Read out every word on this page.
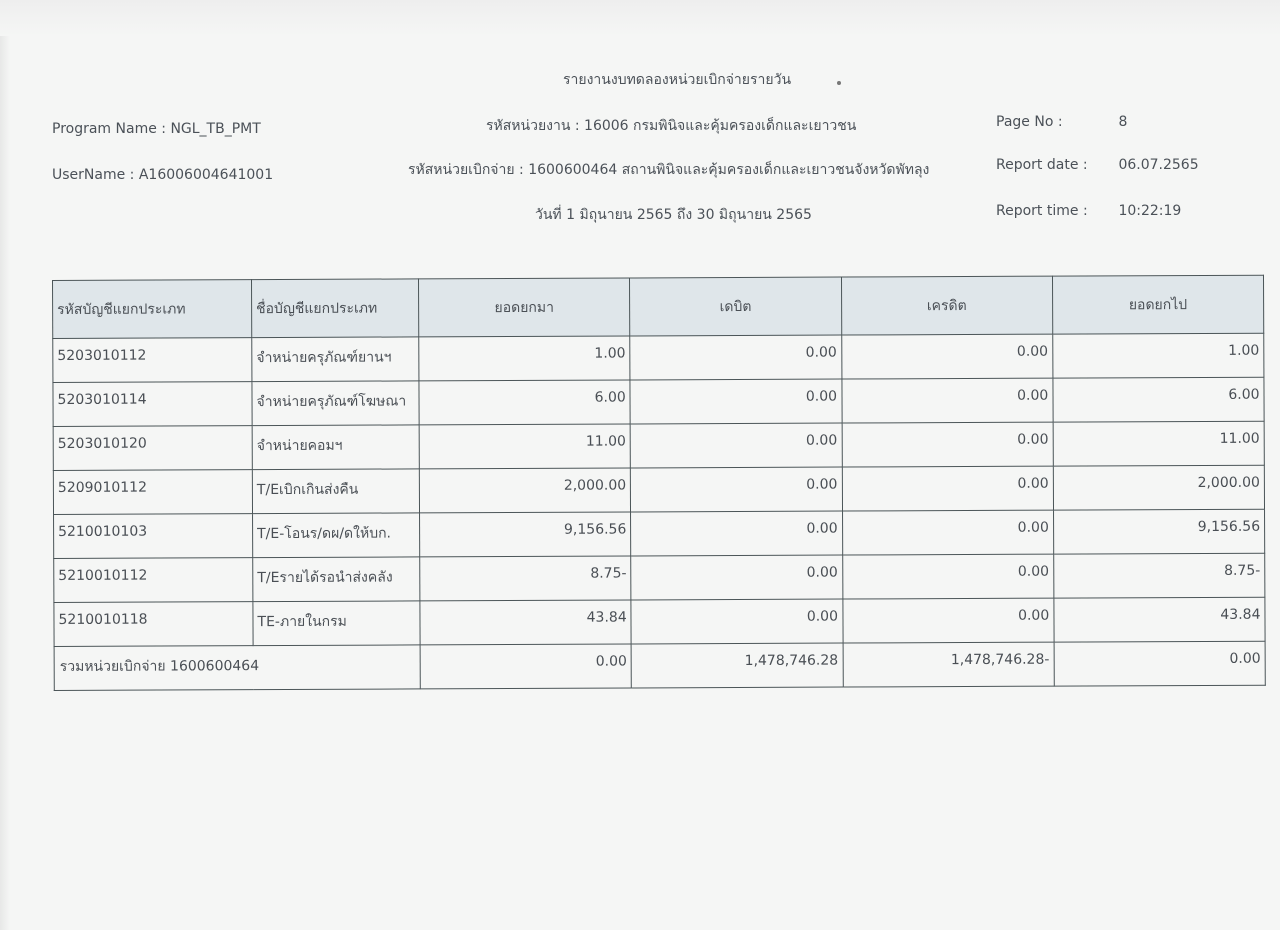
รายงานงบทดลองหน่วยเบิกจ่ายรายวัน
Program Name : NGL_TB_PMT
UserName : A16006004641001
รหัสหน่วยงาน : 16006 กรมพินิจและคุ้มครองเด็กและเยาวชน
รหัสหน่วยเบิกจ่าย : 1600600464 สถานพินิจและคุ้มครองเด็กและเยาวชนจังหวัดพัทลุง
วันที่ 1 มิถุนายน 2565 ถึง 30 มิถุนายน 2565
Page No :	8
Report date : 06.07.2565
Report time : 10:22:19
รหัสบัญชีแยกประเภท	ชื่อบัญชีแยกประเภท	ยอดยกมา	เดบิต	เครดิต	ยอดยกไป
5203010112	จำหน่ายครุภัณฑ์ยานฯ	1.00	0.00	0.00	1.00
5203010114	จำหน่ายครุภัณฑ์โฆษณา	6.00	0.00	0.00	6.00
5203010120	จำหน่ายคอมฯ	11.00	0.00	0.00	11.00
5209010112	T/Eเบิกเกินส่งคืน	2,000.00	0.00	0.00	2,000.00
5210010103	T/E-โอนร/ดผ/ดให้บก.	9,156.56	0.00	0.00	9,156.56
5210010112	T/Eรายได้รอนำส่งคลัง	8.75-	0.00	0.00	8.75-
5210010118	TE-ภายในกรม	43.84	0.00	0.00	43.84
รวมหน่วยเบิกจ่าย 1600600464		0.00	1,478,746.28	1,478,746.28-	0.00
